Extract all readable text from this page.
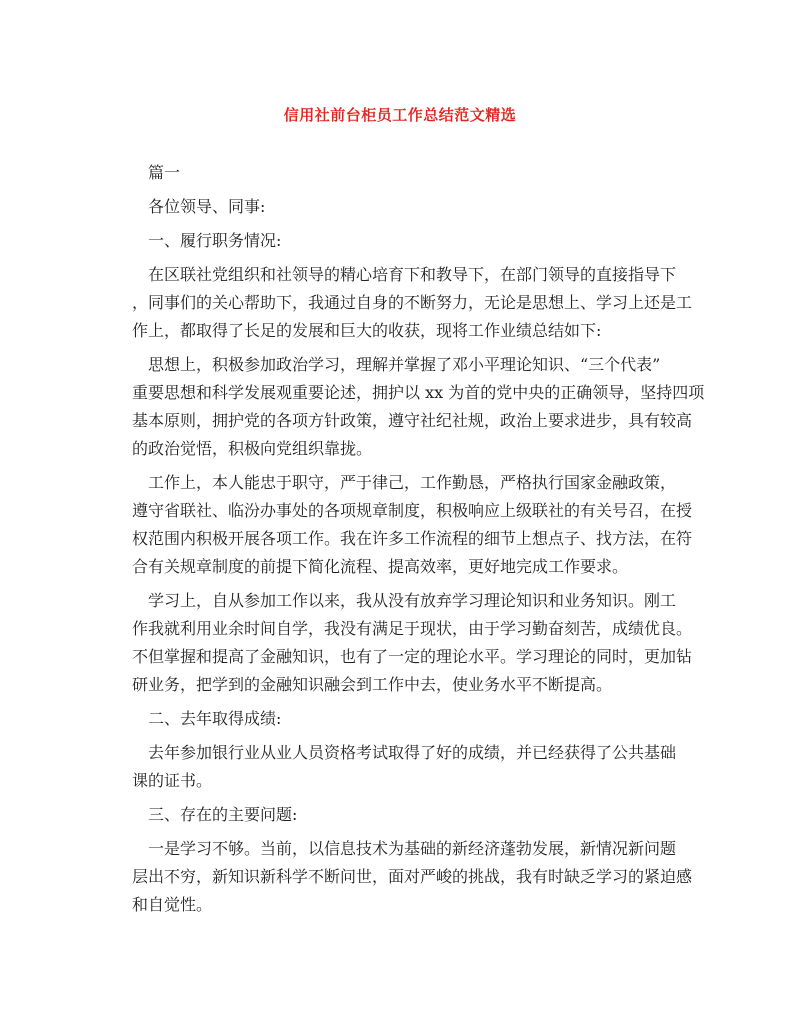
信用社前台柜员工作总结范文精选
篇一
各位领导、同事:
一、履行职务情况:
在区联社党组织和社领导的精心培育下和教导下，在部门领导的直接指导下
，同事们的关心帮助下，我通过自身的不断努力，无论是思想上、学习上还是工
作上，都取得了长足的发展和巨大的收获，现将工作业绩总结如下:
思想上，积极参加政治学习，理解并掌握了邓小平理论知识、“三个代表”
重要思想和科学发展观重要论述，拥护以 xx 为首的党中央的正确领导，坚持四项
基本原则，拥护党的各项方针政策，遵守社纪社规，政治上要求进步，具有较高
的政治觉悟，积极向党组织靠拢。
工作上，本人能忠于职守，严于律己，工作勤恳，严格执行国家金融政策，
遵守省联社、临汾办事处的各项规章制度，积极响应上级联社的有关号召，在授
权范围内积极开展各项工作。我在许多工作流程的细节上想点子、找方法，在符
合有关规章制度的前提下简化流程、提高效率，更好地完成工作要求。
学习上，自从参加工作以来，我从没有放弃学习理论知识和业务知识。刚工
作我就利用业余时间自学，我没有满足于现状，由于学习勤奋刻苦，成绩优良。
不但掌握和提高了金融知识，也有了一定的理论水平。学习理论的同时，更加钻
研业务，把学到的金融知识融会到工作中去，使业务水平不断提高。
二、去年取得成绩:
去年参加银行业从业人员资格考试取得了好的成绩，并已经获得了公共基础
课的证书。
三、存在的主要问题:
一是学习不够。当前，以信息技术为基础的新经济蓬勃发展，新情况新问题
层出不穷，新知识新科学不断问世，面对严峻的挑战，我有时缺乏学习的紧迫感
和自觉性。
